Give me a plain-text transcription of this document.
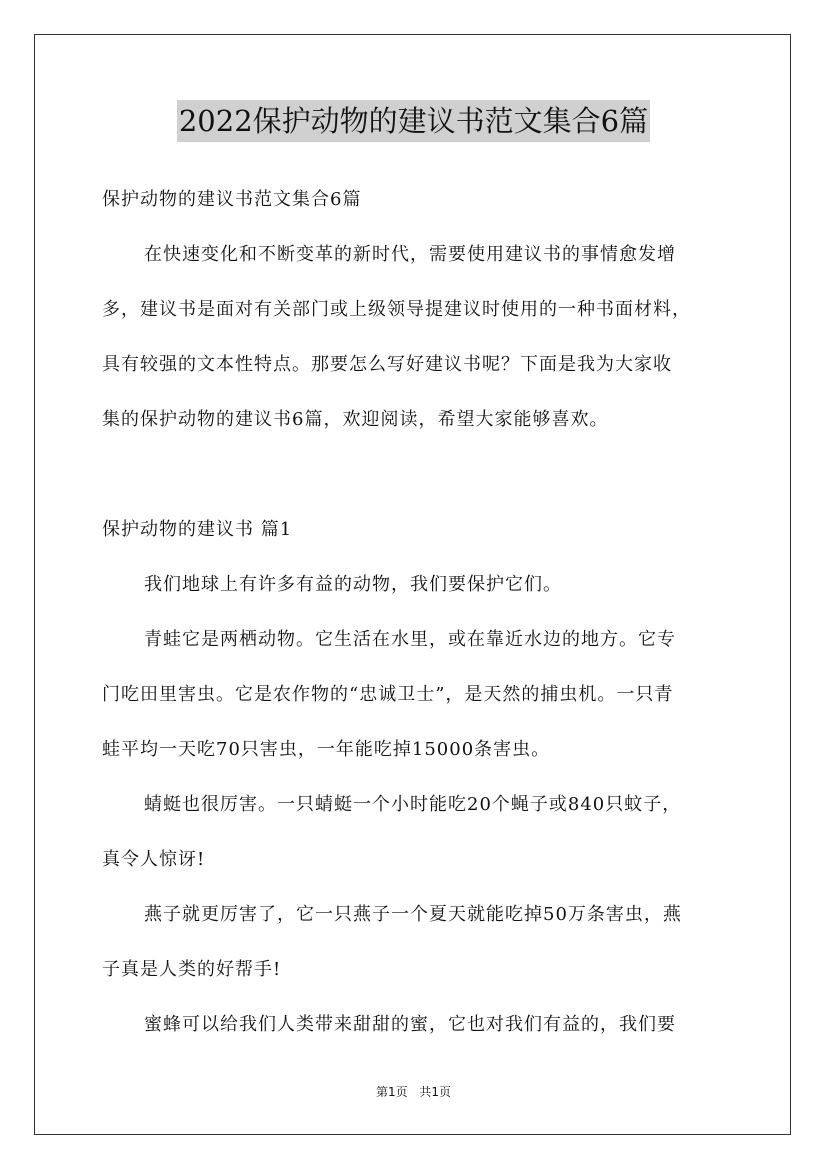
2022保护动物的建议书范文集合6篇

保护动物的建议书范文集合6篇

在快速变化和不断变革的新时代，需要使用建议书的事情愈发增

多，建议书是面对有关部门或上级领导提建议时使用的一种书面材料，

具有较强的文本性特点。那要怎么写好建议书呢？下面是我为大家收

集的保护动物的建议书6篇，欢迎阅读，希望大家能够喜欢。

保护动物的建议书 篇1

我们地球上有许多有益的动物，我们要保护它们。

青蛙它是两栖动物。它生活在水里，或在靠近水边的地方。它专

门吃田里害虫。它是农作物的“忠诚卫士”，是天然的捕虫机。一只青

蛙平均一天吃70只害虫，一年能吃掉15000条害虫。

蜻蜓也很厉害。一只蜻蜓一个小时能吃20个蝇子或840只蚊子，

真令人惊讶!

燕子就更厉害了，它一只燕子一个夏天就能吃掉50万条害虫，燕

子真是人类的好帮手!

蜜蜂可以给我们人类带来甜甜的蜜，它也对我们有益的，我们要

第1页 共1页
